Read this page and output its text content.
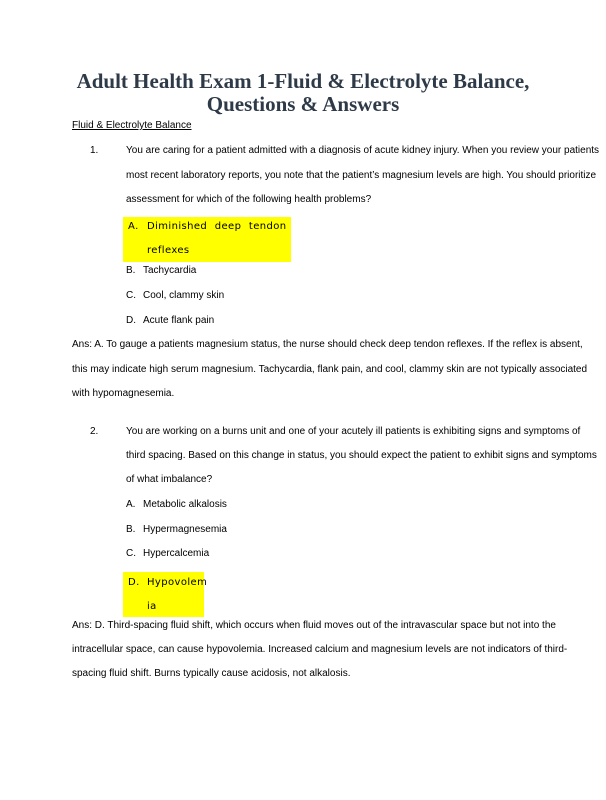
Adult Health Exam 1-Fluid & Electrolyte Balance,
Questions & Answers
Fluid & Electrolyte Balance
1.	You are caring for a patient admitted with a diagnosis of acute kidney injury. When you review your patients
most recent laboratory reports, you note that the patient’s magnesium levels are high. You should prioritize
assessment for which of the following health problems?
A. Diminished deep tendon
reflexes
B. Tachycardia
C. Cool, clammy skin
D. Acute flank pain
Ans: A. To gauge a patients magnesium status, the nurse should check deep tendon reflexes. If the reflex is absent,
this may indicate high serum magnesium. Tachycardia, flank pain, and cool, clammy skin are not typically associated
with hypomagnesemia.
2.	You are working on a burns unit and one of your acutely ill patients is exhibiting signs and symptoms of
third spacing. Based on this change in status, you should expect the patient to exhibit signs and symptoms
of what imbalance?
A. Metabolic alkalosis
B. Hypermagnesemia
C. Hypercalcemia
D. Hypovolem
ia
Ans: D. Third-spacing fluid shift, which occurs when fluid moves out of the intravascular space but not into the
intracellular space, can cause hypovolemia. Increased calcium and magnesium levels are not indicators of third-
spacing fluid shift. Burns typically cause acidosis, not alkalosis.
